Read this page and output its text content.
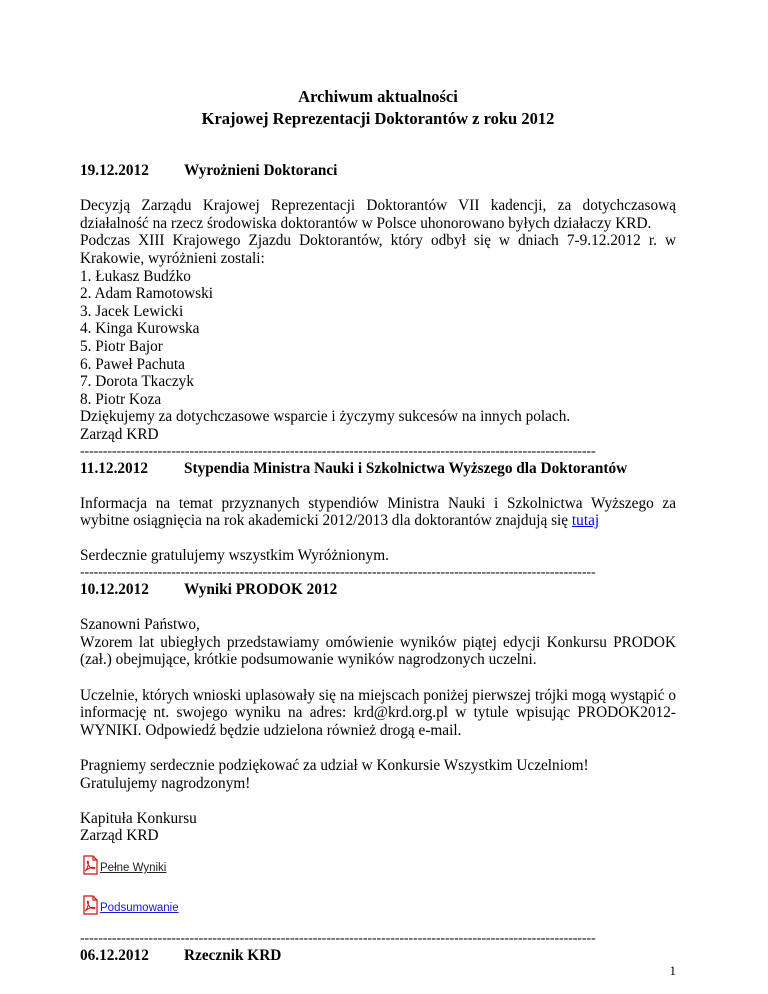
Archiwum aktualności
Krajowej Reprezentacji Doktorantów z roku 2012
19.12.2012	Wyrożnieni Doktoranci

Decyzją Zarządu Krajowej Reprezentacji Doktorantów VII kadencji, za dotychczasową działalność na rzecz środowiska doktorantów w Polsce uhonorowano byłych działaczy KRD.

Podczas XIII Krajowego Zjazdu Doktorantów, który odbył się w dniach 7-9.12.2012 r. w Krakowie, wyróżnieni zostali:

1. Łukasz Budźko
2. Adam Ramotowski
3. Jacek Lewicki
4. Kinga Kurowska
5. Piotr Bajor
6. Paweł Pachuta
7. Dorota Tkaczyk
8. Piotr Koza

Dziękujemy za dotychczasowe wsparcie i życzymy sukcesów na innych polach.

Zarząd KRD

-----------------------------------------------------------------------------------------------------------------
11.12.2012	Stypendia Ministra Nauki i Szkolnictwa Wyższego dla Doktorantów

Informacja na temat przyznanych stypendiów Ministra Nauki i Szkolnictwa Wyższego za wybitne osiągnięcia na rok akademicki 2012/2013 dla doktorantów znajdują się tutaj

Serdecznie gratulujemy wszystkim Wyróżnionym.

-----------------------------------------------------------------------------------------------------------------
10.12.2012	Wyniki PRODOK 2012

Szanowni Państwo,

Wzorem lat ubiegłych przedstawiamy omówienie wyników piątej edycji Konkursu PRODOK (zał.) obejmujące, krótkie podsumowanie wyników nagrodzonych uczelni.

Uczelnie, których wnioski uplasowały się na miejscach poniżej pierwszej trójki mogą wystąpić o informację nt. swojego wyniku na adres: krd@krd.org.pl w tytule wpisując PRODOK2012-WYNIKI. Odpowiedź będzie udzielona również drogą e-mail.

Pragniemy serdecznie podziękować za udział w Konkursie Wszystkim Uczelniom!

Gratulujemy nagrodzonym!

Kapituła Konkursu

Zarząd KRD

Pełne Wyniki
Podsumowanie
-----------------------------------------------------------------------------------------------------------------
06.12.2012	Rzecznik KRD
1
